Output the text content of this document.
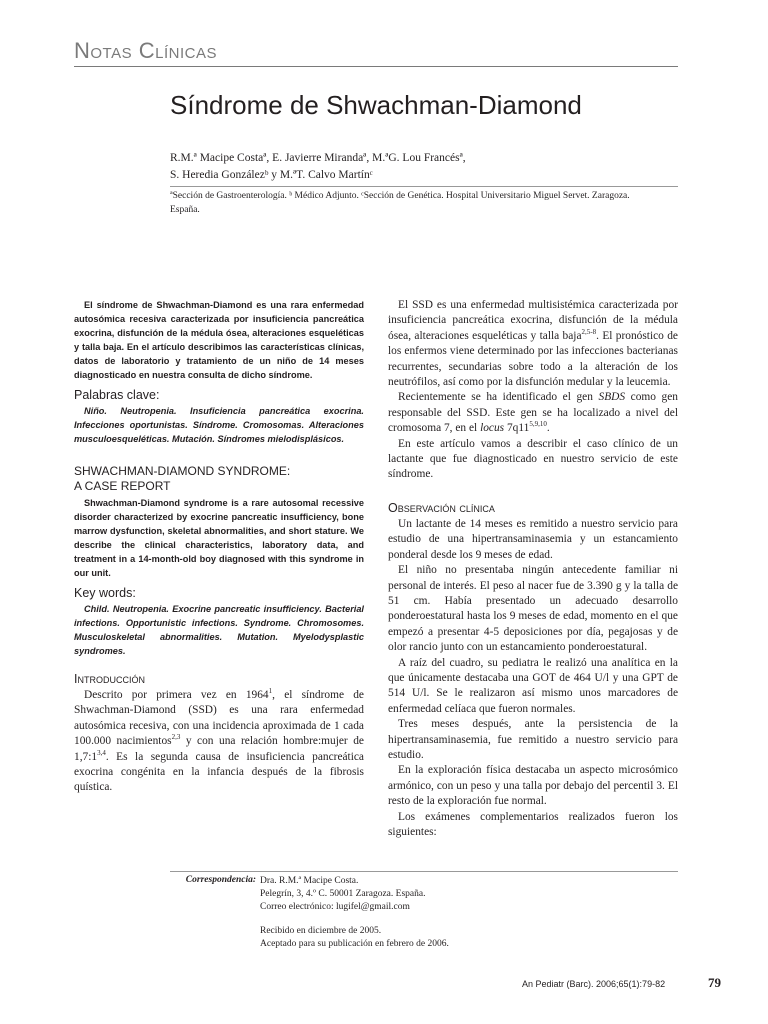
Notas Clínicas
Síndrome de Shwachman-Diamond
R.M.ª Macipe Costaª, E. Javierre Mirandaª, M.ªG. Lou Francésª,
S. Heredia Gonzálezᵇ y M.ªT. Calvo Martínᶜ
ªSección de Gastroenterología. ᵇ Médico Adjunto. ᶜSección de Genética. Hospital Universitario Miguel Servet. Zaragoza. España.

El síndrome de Shwachman-Diamond es una rara enfermedad autosómica recesiva caracterizada por insuficiencia pancreática exocrina, disfunción de la médula ósea, alteraciones esqueléticas y talla baja. En el artículo describimos las características clínicas, datos de laboratorio y tratamiento de un niño de 14 meses diagnosticado en nuestra consulta de dicho síndrome.

Palabras clave:

Niño. Neutropenia. Insuficiencia pancreática exocrina. Infecciones oportunistas. Síndrome. Cromosomas. Alteraciones musculoesqueléticas. Mutación. Síndromes mielodisplásicos.

SHWACHMAN-DIAMOND SYNDROME:
A CASE REPORT

Shwachman-Diamond syndrome is a rare autosomal recessive disorder characterized by exocrine pancreatic insufficiency, bone marrow dysfunction, skeletal abnormalities, and short stature. We describe the clinical characteristics, laboratory data, and treatment in a 14-month-old boy diagnosed with this syndrome in our unit.

Key words:

Child. Neutropenia. Exocrine pancreatic insufficiency. Bacterial infections. Opportunistic infections. Syndrome. Chromosomes. Musculoskeletal abnormalities. Mutation. Myelodysplastic syndromes.

Introducción

Descrito por primera vez en 1964$^1$, el síndrome de Shwachman-Diamond (SSD) es una rara enfermedad autosómica recesiva, con una incidencia aproximada de 1 cada 100.000 nacimientos$^{2,3}$ y con una relación hombre:mujer de 1,7:1$^{3,4}$. Es la segunda causa de insuficiencia pancreática exocrina congénita en la infancia después de la fibrosis quística.

El SSD es una enfermedad multisistémica caracterizada por insuficiencia pancreática exocrina, disfunción de la médula ósea, alteraciones esqueléticas y talla baja$^{2,5-8}$. El pronóstico de los enfermos viene determinado por las infecciones bacterianas recurrentes, secundarias sobre todo a la alteración de los neutrófilos, así como por la disfunción medular y la leucemia.

Recientemente se ha identificado el gen SBDS como gen responsable del SSD. Este gen se ha localizado a nivel del cromosoma 7, en el locus 7q11$^{5,9,10}$.

En este artículo vamos a describir el caso clínico de un lactante que fue diagnosticado en nuestro servicio de este síndrome.

Observación clínica

Un lactante de 14 meses es remitido a nuestro servicio para estudio de una hipertransaminasemia y un estancamiento ponderal desde los 9 meses de edad.

El niño no presentaba ningún antecedente familiar ni personal de interés. El peso al nacer fue de 3.390 g y la talla de 51 cm. Había presentado un adecuado desarrollo ponderoestatural hasta los 9 meses de edad, momento en el que empezó a presentar 4-5 deposiciones por día, pegajosas y de olor rancio junto con un estancamiento ponderoestatural.

A raíz del cuadro, su pediatra le realizó una analítica en la que únicamente destacaba una GOT de 464 U/l y una GPT de 514 U/l. Se le realizaron así mismo unos marcadores de enfermedad celíaca que fueron normales.

Tres meses después, ante la persistencia de la hipertransaminasemia, fue remitido a nuestro servicio para estudio.

En la exploración física destacaba un aspecto microsómico armónico, con un peso y una talla por debajo del percentil 3. El resto de la exploración fue normal.

Los exámenes complementarios realizados fueron los siguientes:

Correspondencia: Dra. R.M.ª Macipe Costa.
Pelegrín, 3, 4.º C. 50001 Zaragoza. España.
Correo electrónico: lugifel@gmail.com
Recibido en diciembre de 2005.
Aceptado para su publicación en febrero de 2006.
An Pediatr (Barc). 2006;65(1):79-82	79
